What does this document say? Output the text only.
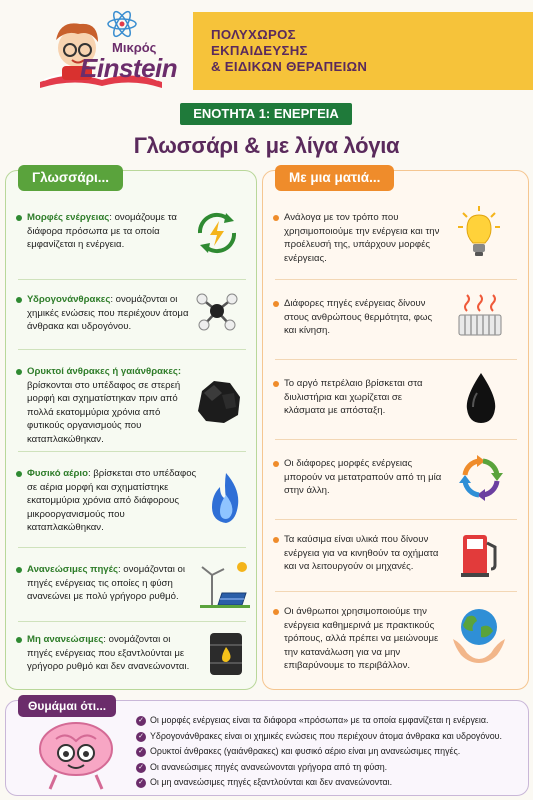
Μικρός
Einstein
ΠΟΛΥΧΩΡΟΣ
ΕΚΠΑΙΔΕΥΣΗΣ
& ΕΙΔΙΚΩΝ ΘΕΡΑΠΕΙΩΝ
ΕΝΟΤΗΤΑ 1: ΕΝΕΡΓΕΙΑ
Γλωσσάρι & με λίγα λόγια
Γλωσσάρι...
Μορφές ενέργειας: ονομάζουμε τα διάφορα πρόσωπα με τα οποία εμφανίζεται η ενέργεια.
Υδρογονάνθρακες: ονομάζονται οι χημικές ενώσεις που περιέχουν άτομα άνθρακα και υδρογόνου.
Ορυκτοί άνθρακες ή γαιάνθρακες: βρίσκονται στο υπέδαφος σε στερεή μορφή και σχηματίστηκαν πριν από πολλά εκατομμύρια χρόνια από φυτικούς οργανισμούς που καταπλακώθηκαν.
Φυσικό αέριο: βρίσκεται στο υπέδαφος σε αέρια μορφή και σχηματίστηκε εκατομμύρια χρόνια από διάφορους μικροοργανισμούς που καταπλακώθηκαν.
Ανανεώσιμες πηγές: ονομάζονται οι πηγές ενέργειας τις οποίες η φύση ανανεώνει με πολύ γρήγορο ρυθμό.
Μη ανανεώσιμες: ονομάζονται οι πηγές ενέργειας που εξαντλούνται με γρήγορο ρυθμό και δεν ανανεώνονται.
Με μια ματιά...
Ανάλογα με τον τρόπο που χρησιμοποιούμε την ενέργεια και την προέλευσή της, υπάρχουν μορφές ενέργειας.
Διάφορες πηγές ενέργειας δίνουν στους ανθρώπους θερμότητα, φως και κίνηση.
Το αργό πετρέλαιο βρίσκεται στα διυλιστήρια και χωρίζεται σε κλάσματα με απόσταξη.
Οι διάφορες μορφές ενέργειας μπορούν να μετατραπούν από τη μία στην άλλη.
Τα καύσιμα είναι υλικά που δίνουν ενέργεια για να κινηθούν τα οχήματα και να λειτουργούν οι μηχανές.
Οι άνθρωποι χρησιμοποιούμε την ενέργεια καθημερινά με πρακτικούς τρόπους, αλλά πρέπει να μειώνουμε την κατανάλωση για να μην επιβαρύνουμε το περιβάλλον.
Θυμάμαι ότι...
✓ Οι μορφές ενέργειας είναι τα διάφορα «πρόσωπα» με τα οποία εμφανίζεται η ενέργεια.
✓ Υδρογονάνθρακες είναι οι χημικές ενώσεις που περιέχουν άτομα άνθρακα και υδρογόνου.
✓ Ορυκτοί άνθρακες (γαιάνθρακες) και φυσικό αέριο είναι μη ανανεώσιμες πηγές.
✓ Οι ανανεώσιμες πηγές ανανεώνονται γρήγορα από τη φύση.
✓ Οι μη ανανεώσιμες πηγές εξαντλούνται και δεν ανανεώνονται.
